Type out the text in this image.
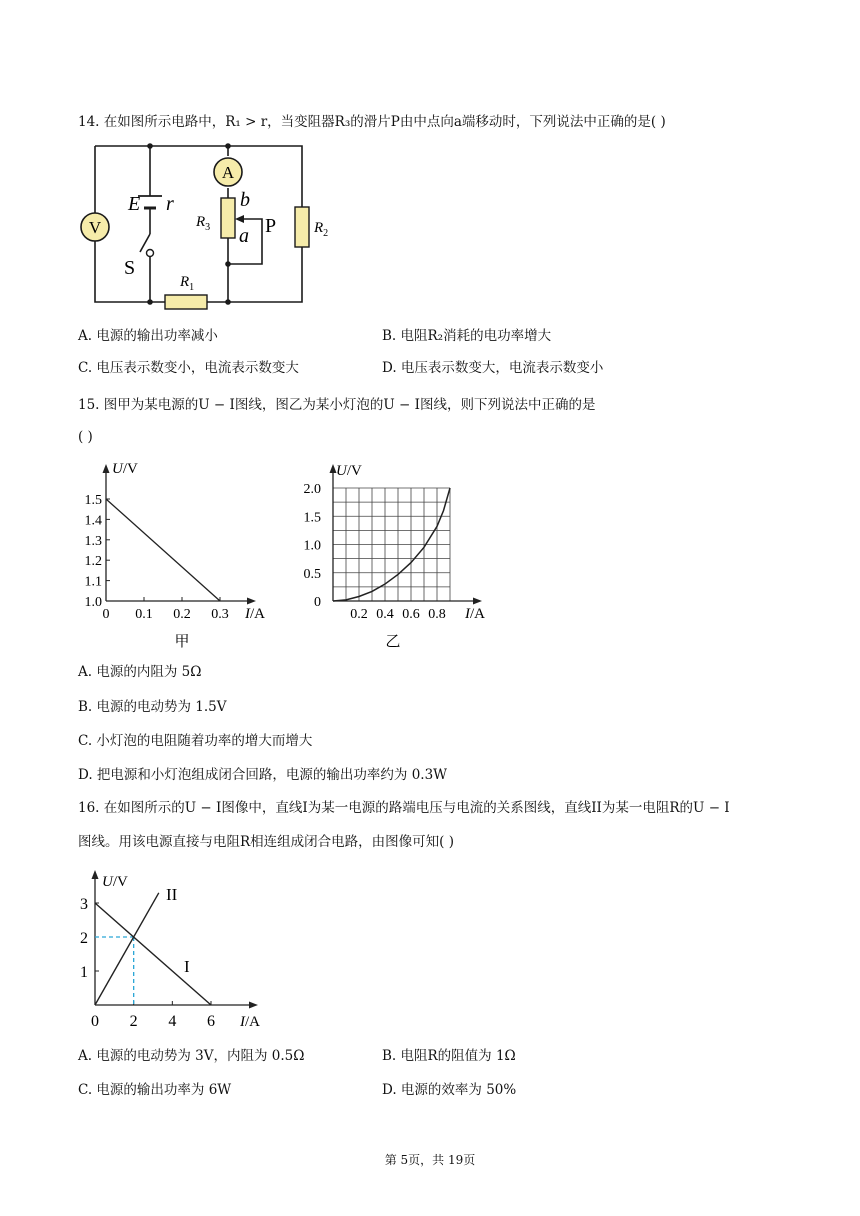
14. 在如图所示电路中，R₁ > r，当变阻器R₃的滑片P由中点向a端移动时，下列说法中正确的是( )
V
A
E r
S
$R_3$
b
a P	$R_2$
$R_1$
A. 电源的输出功率减小	B. 电阻R₂消耗的电功率增大
C. 电压表示数变小，电流表示数变大	D. 电压表示数变大，电流表示数变小
15. 图甲为某电源的U − I图线，图乙为某小灯泡的U − I图线，则下列说法中正确的是
( )
1.0
1.1
1.2
1.3
1.4
1.5
0 0.1 0.2 0.3
U/V
I/A
甲
0
0.5
1.0
1.5
2.0
0.2 0.4 0.6 0.8
U/V
I/A
乙
A. 电源的内阻为 5Ω
B. 电源的电动势为 1.5V
C. 小灯泡的电阻随着功率的增大而增大
D. 把电源和小灯泡组成闭合回路，电源的输出功率约为 0.3W
16. 在如图所示的U − I图像中，直线I为某一电源的路端电压与电流的关系图线，直线II为某一电阻R的U − I
图线。用该电源直接与电阻R相连组成闭合电路，由图像可知( )
1
2
3
0 2 4 6
I
II
U/V
I/A
A. 电源的电动势为 3V，内阻为 0.5Ω	B. 电阻R的阻值为 1Ω
C. 电源的输出功率为 6W	D. 电源的效率为 50%
第 5页，共 19页
